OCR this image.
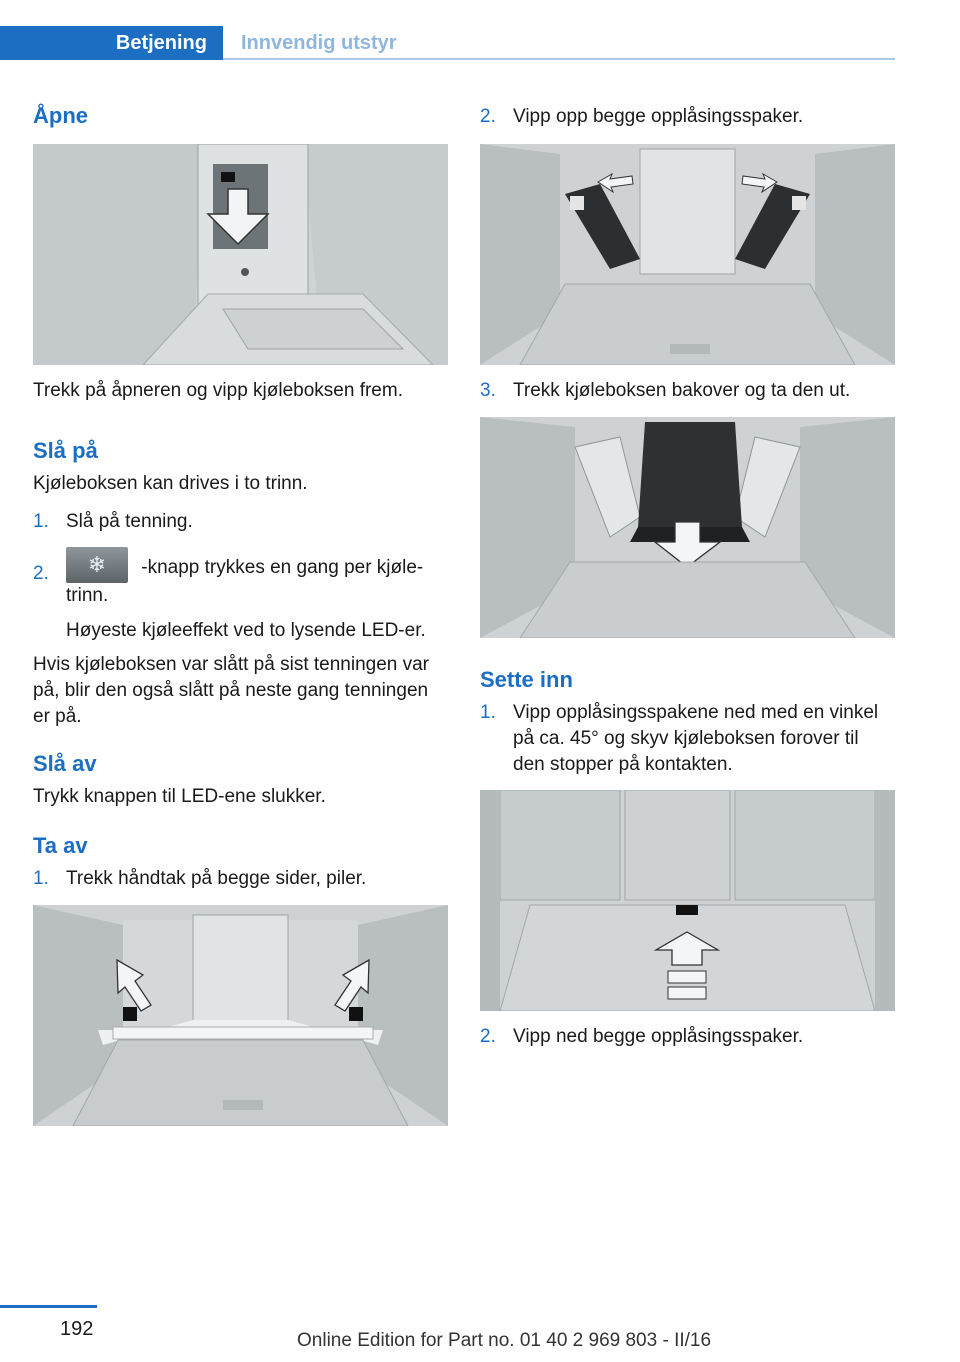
Betjening	Innvendig utstyr
Åpne
Trekk på åpneren og vipp kjøleboksen frem.
Slå på
Kjøleboksen kan drives i to trinn.
1. Slå på tenning.
2.	❄	-knapp trykkes en gang per kjøletrinn.
Høyeste kjøleeffekt ved to lysende LED-er.
Hvis kjøleboksen var slått på sist tenningen var på, blir den også slått på neste gang tenningen er på.
Slå av
Trykk knappen til LED-ene slukker.
Ta av
1. Trekk håndtak på begge sider, piler.
2. Vipp opp begge opplåsingsspaker.
3. Trekk kjøleboksen bakover og ta den ut.
Sette inn
1. Vipp opplåsingsspakene ned med en vinkel på ca. 45° og skyv kjøleboksen forover til den stopper på kontakten.
2. Vipp ned begge opplåsingsspaker.
192
Online Edition for Part no. 01 40 2 969 803 - II/16
